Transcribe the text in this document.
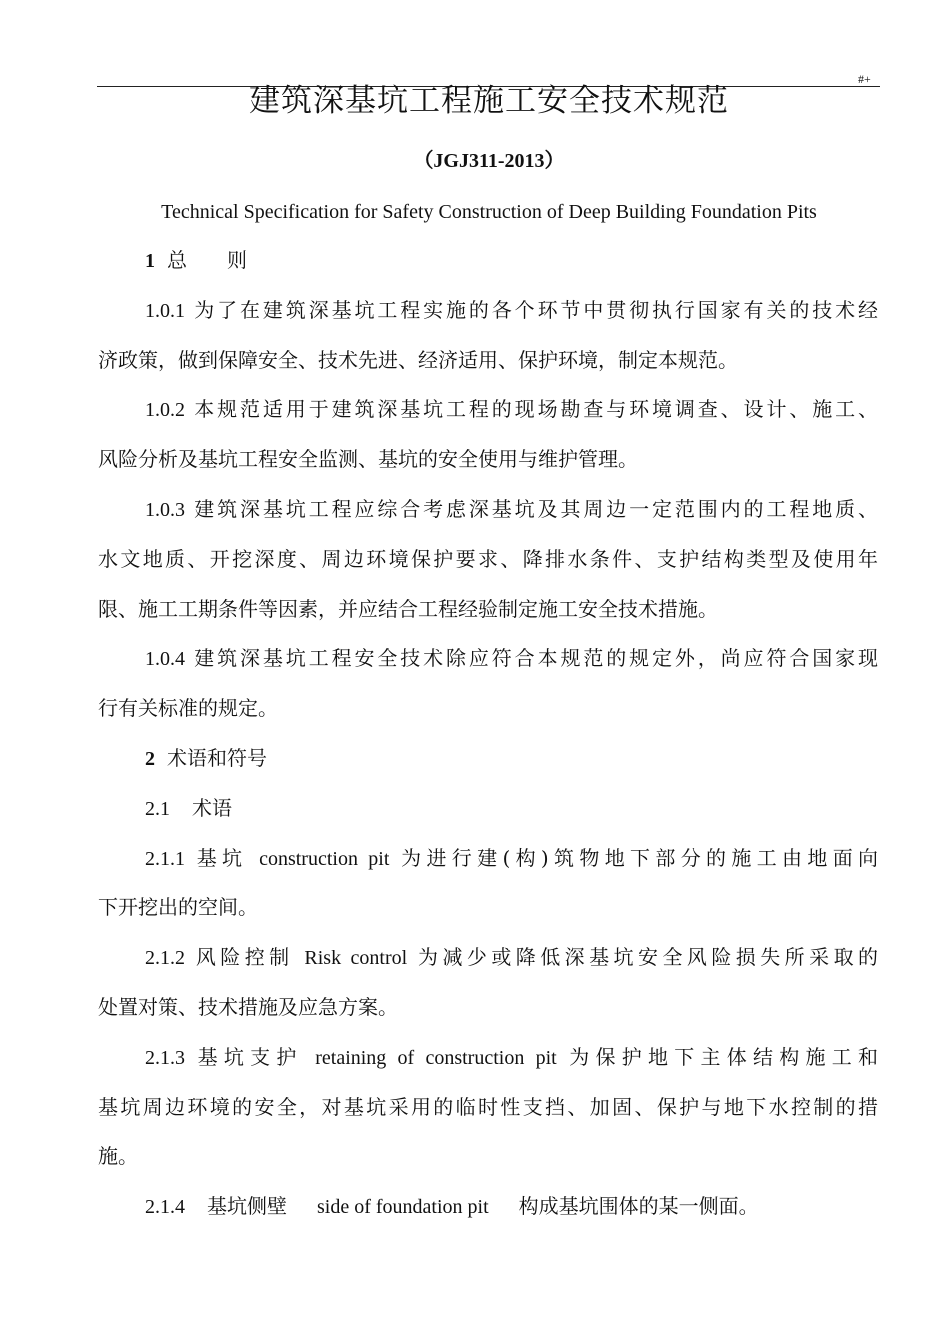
#+
建筑深基坑工程施工安全技术规范
（JGJ311-2013）
Technical Specification for Safety Construction of Deep Building Foundation Pits
1 总　　则
1.0.1 为了在建筑深基坑工程实施的各个环节中贯彻执行国家有关的技术经
济政策，做到保障安全、技术先进、经济适用、保护环境，制定本规范。
1.0.2 本规范适用于建筑深基坑工程的现场勘查与环境调查、设计、施工、
风险分析及基坑工程安全监测、基坑的安全使用与维护管理。
1.0.3 建筑深基坑工程应综合考虑深基坑及其周边一定范围内的工程地质、
水文地质、开挖深度、周边环境保护要求、降排水条件、支护结构类型及使用年
限、施工工期条件等因素，并应结合工程经验制定施工安全技术措施。
1.0.4 建筑深基坑工程安全技术除应符合本规范的规定外，尚应符合国家现
行有关标准的规定。
2 术语和符号
2.1 术语
2.1.1 基坑 construction pit 为进行建(构)筑物地下部分的施工由地面向
下开挖出的空间。
2.1.2 风险控制 Risk control 为减少或降低深基坑安全风险损失所采取的
处置对策、技术措施及应急方案。
2.1.3 基坑支护 retaining of construction pit 为保护地下主体结构施工和
基坑周边环境的安全，对基坑采用的临时性支挡、加固、保护与地下水控制的措
施。
2.1.4 基坑侧壁 side of foundation pit 构成基坑围体的某一侧面。
